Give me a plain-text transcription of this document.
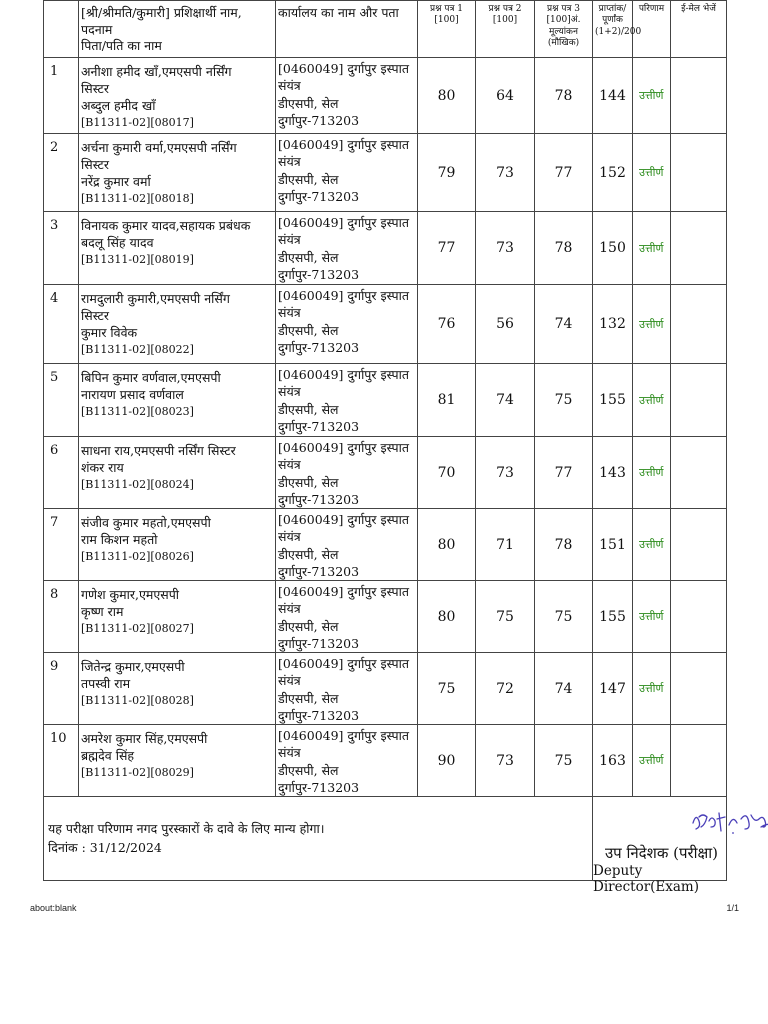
	[श्री/श्रीमति/कुमारी] प्रशिक्षार्थी नाम,
पदनाम
पिता/पति का नाम	कार्यालय का नाम और पता	प्रश्न पत्र 1
[100]	प्रश्न पत्र 2
[100]	प्रश्न पत्र 3
[100]अं.
मूल्यांकन
(मौखिक)	प्राप्तांक/
पूर्णांक
(1+2)/200	परिणाम	ई-मेल भेजें
1	अनीशा हमीद खाँ,एमएसपी नर्सिंग
सिस्टर
अब्दुल हमीद खाँ

[B11311-02][08017]	[0460049] दुर्गापुर इस्पात
संयंत्र
डीएसपी, सेल
दुर्गापुर-713203	80	64	78	144	उत्तीर्ण	
2	अर्चना कुमारी वर्मा,एमएसपी नर्सिंग
सिस्टर
नरेंद्र कुमार वर्मा

[B11311-02][08018]	[0460049] दुर्गापुर इस्पात
संयंत्र
डीएसपी, सेल
दुर्गापुर-713203	79	73	77	152	उत्तीर्ण	
3	विनायक कुमार यादव,सहायक प्रबंधक
बदलू सिंह यादव

[B11311-02][08019]	[0460049] दुर्गापुर इस्पात
संयंत्र
डीएसपी, सेल
दुर्गापुर-713203	77	73	78	150	उत्तीर्ण	
4	रामदुलारी कुमारी,एमएसपी नर्सिंग
सिस्टर
कुमार विवेक

[B11311-02][08022]	[0460049] दुर्गापुर इस्पात
संयंत्र
डीएसपी, सेल
दुर्गापुर-713203	76	56	74	132	उत्तीर्ण	
5	बिपिन कुमार वर्णवाल,एमएसपी
नारायण प्रसाद वर्णवाल

[B11311-02][08023]	[0460049] दुर्गापुर इस्पात
संयंत्र
डीएसपी, सेल
दुर्गापुर-713203	81	74	75	155	उत्तीर्ण	
6	साधना राय,एमएसपी नर्सिंग सिस्टर
शंकर राय

[B11311-02][08024]	[0460049] दुर्गापुर इस्पात
संयंत्र
डीएसपी, सेल
दुर्गापुर-713203	70	73	77	143	उत्तीर्ण	
7	संजीव कुमार महतो,एमएसपी
राम किशन महतो

[B11311-02][08026]	[0460049] दुर्गापुर इस्पात
संयंत्र
डीएसपी, सेल
दुर्गापुर-713203	80	71	78	151	उत्तीर्ण	
8	गणेश कुमार,एमएसपी
कृष्ण राम

[B11311-02][08027]	[0460049] दुर्गापुर इस्पात
संयंत्र
डीएसपी, सेल
दुर्गापुर-713203	80	75	75	155	उत्तीर्ण	
9	जितेन्द्र कुमार,एमएसपी
तपस्वी राम

[B11311-02][08028]	[0460049] दुर्गापुर इस्पात
संयंत्र
डीएसपी, सेल
दुर्गापुर-713203	75	72	74	147	उत्तीर्ण	
10	अमरेश कुमार सिंह,एमएसपी
ब्रह्मदेव सिंह

[B11311-02][08029]	[0460049] दुर्गापुर इस्पात
संयंत्र
डीएसपी, सेल
दुर्गापुर-713203	90	73	75	163	उत्तीर्ण	
यह परीक्षा परिणाम नगद पुरस्कारों के दावे के लिए मान्य होगा।
दिनांक : 31/12/2024						उप निदेशक (परीक्षा)
Deputy Director(Exam)		
about:blank	1/1
